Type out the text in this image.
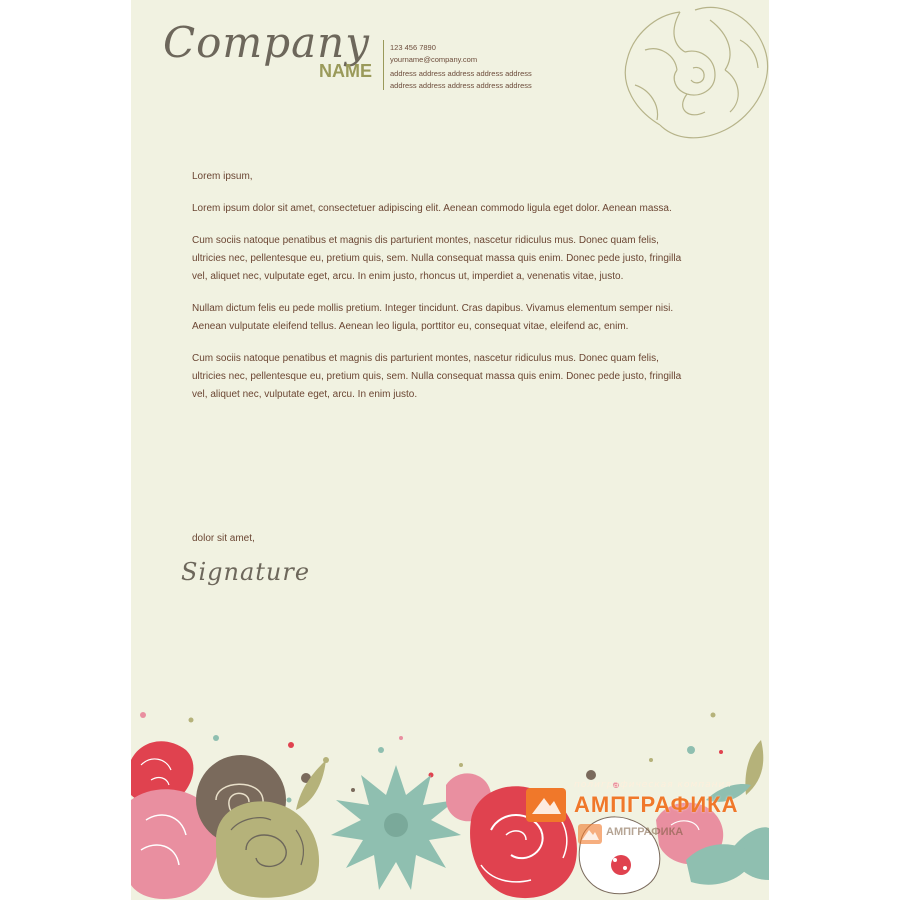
Company
NAME
123 456 7890
yourname@company.com
address address address address address
address address address address address

Lorem ipsum,

Lorem ipsum dolor sit amet, consectetuer adipiscing elit. Aenean commodo ligula eget dolor. Aenean massa.

Cum sociis natoque penatibus et magnis dis parturient montes, nascetur ridiculus mus. Donec quam felis, ultricies nec, pellentesque eu, pretium quis, sem. Nulla consequat massa quis enim. Donec pede justo, fringilla vel, aliquet nec, vulputate eget, arcu. In enim justo, rhoncus ut, imperdiet a, venenatis vitae, justo.

Nullam dictum felis eu pede mollis pretium. Integer tincidunt. Cras dapibus. Vivamus elementum semper nisi. Aenean vulputate eleifend tellus. Aenean leo ligula, porttitor eu, consequat vitae, eleifend ac, enim.

Cum sociis natoque penatibus et magnis dis parturient montes, nascetur ridiculus mus. Donec quam felis, ultricies nec, pellentesque eu, pretium quis, sem. Nulla consequat massa quis enim. Donec pede justo, fringilla vel, aliquet nec, vulputate eget, arcu. In enim justo.

dolor sit amet,
Signature
полиграфическая компания
АМПГРАФИКА
АМПГРАФИКА
